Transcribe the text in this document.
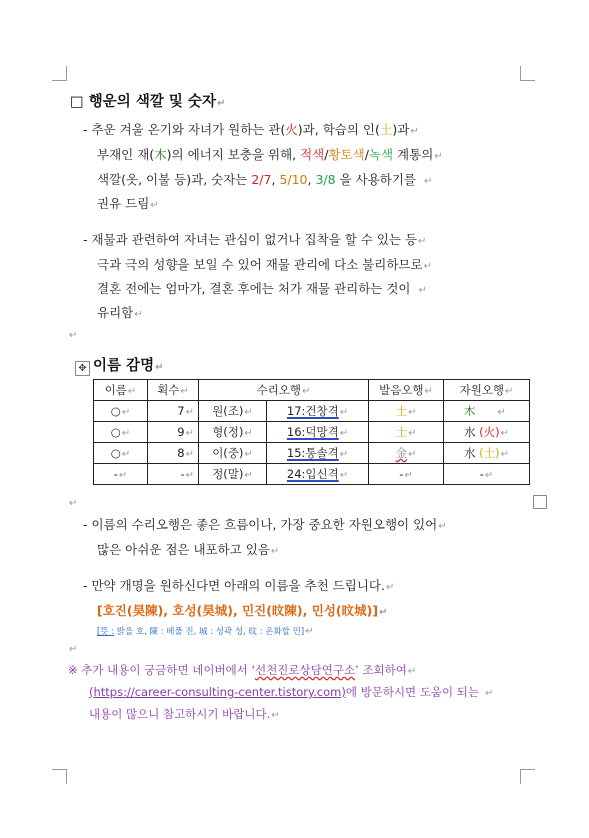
□ 행운의 색깔 및 숫자↵
- 추운 겨울 온기와 자녀가 원하는 관(火)과, 학습의 인(土)과↵
부재인 재(木)의 에너지 보충을 위해, 적색/황토색/녹색 계통의↵
색깔(옷, 이불 등)과, 숫자는 2/7, 5/10, 3/8 을 사용하기를 ↵
권유 드림↵
- 재물과 관련하여 자녀는 관심이 없거나 집착을 할 수 있는 등↵
극과 극의 성향을 보일 수 있어 재물 관리에 다소 불리하므로↵
결혼 전에는 엄마가, 결혼 후에는 처가 재물 관리하는 것이 ↵
유리함↵
↵
✥ 이름 감명↵
이름↵	획수↵	수리오행↵		발음오행↵	자원오행↵
○↵	7↵	원(조)↵	17:건창격↵	土↵	木 ↵
○↵	9↵	형(정)↵	16:덕망격↵	土↵	水 (火)↵
○↵	8↵	이(중)↵	15:통솔격↵	金↵	水 (土)↵
-↵	-↵	정(말)↵	24:입신격↵	-↵	-↵
↵
- 이름의 수리오행은 좋은 흐름이나, 가장 중요한 자원오행이 있어↵
많은 아쉬운 점은 내포하고 있음↵
- 만약 개명을 원하신다면 아래의 이름을 추천 드립니다.↵
[호진(昊陳), 호성(昊城), 민진(旼陳), 민성(旼城)]↵
[뜻 : 밝을 호, 陳 : 베풀 진, 城 : 성곽 성, 旼 : 온화할 민]↵
↵
※ 추가 내용이 궁금하면 네이버에서 ‘선천진로상담연구소’ 조회하여↵
(https://career-consulting-center.tistory.com)에 방문하시면 도움이 되는 ↵
내용이 많으니 참고하시기 바랍니다.↵
